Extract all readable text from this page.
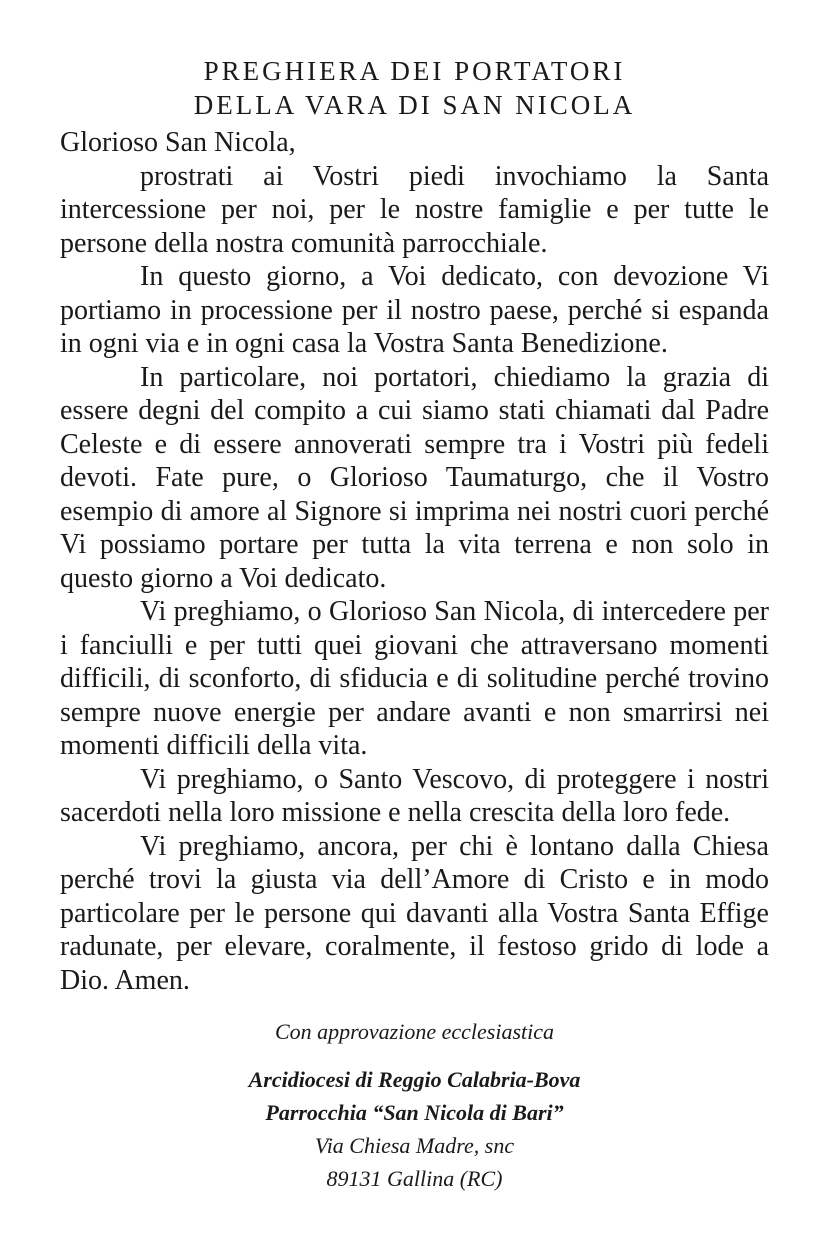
PREGHIERA DEI PORTATORI
DELLA VARA DI SAN NICOLA

Glorioso San Nicola,

prostrati ai Vostri piedi invochiamo la Santa intercessione per noi, per le nostre famiglie e per tutte le persone della nostra comunità parrocchiale.

In questo giorno, a Voi dedicato, con devozione Vi portiamo in processione per il nostro paese, perché si espanda in ogni via e in ogni casa la Vostra Santa Benedizione.

In particolare, noi portatori, chiediamo la grazia di essere degni del compito a cui siamo stati chiamati dal Padre Celeste e di essere annoverati sempre tra i Vostri più fedeli devoti. Fate pure, o Glorioso Taumaturgo, che il Vostro esempio di amore al Signore si imprima nei nostri cuori perché Vi possiamo portare per tutta la vita terrena e non solo in questo giorno a Voi dedicato.

Vi preghiamo, o Glorioso San Nicola, di intercedere per i fanciulli e per tutti quei giovani che attraversano momenti difficili, di sconforto, di sfiducia e di solitudine perché trovino sempre nuove energie per andare avanti e non smarrirsi nei momenti difficili della vita.

Vi preghiamo, o Santo Vescovo, di proteggere i nostri sacerdoti nella loro missione e nella crescita della loro fede.

Vi preghiamo, ancora, per chi è lontano dalla Chiesa perché trovi la giusta via dell’Amore di Cristo e in modo particolare per le persone qui davanti alla Vostra Santa Effige radunate, per elevare, coralmente, il festoso grido di lode a Dio. Amen.

Con approvazione ecclesiastica

Arcidiocesi di Reggio Calabria-Bova
Parrocchia “San Nicola di Bari”
Via Chiesa Madre, snc
89131 Gallina (RC)
